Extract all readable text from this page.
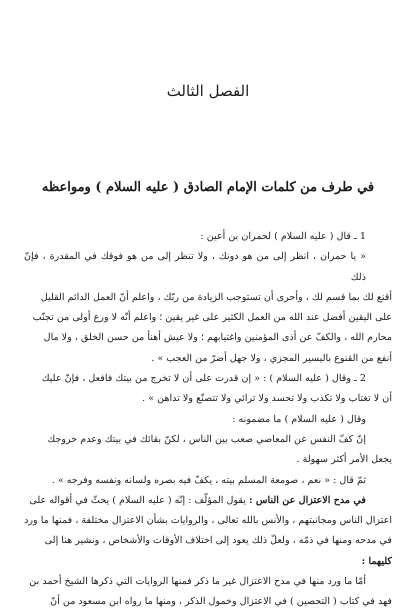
الفصل الثالث
في طرف من كلمات الإمام الصادق ( عليه السلام ) ومواعظه

1 ـ قال ( عليه السلام ) لحمران بن أعين :

« يا حمران ، انظر إلى من هو دونك ، ولا تنظر إلى من هو فوقك في المقدرة ، فإنّ ذلك

أقنع لك بما قسم لك ، وأحرى أن تستوجب الزيادة من ربّك ، واعلم أنّ العمل الدائم القليل

على اليقين أفضل عند الله من العمل الكثير على غير يقين ؛ واعلم أنّه لا ورع أولى من تجنّب

محارم الله ، والكفّ عن أذى المؤمنين واغتيابهم ؛ ولا عيش أهنأ من حسن الخلق ، ولا مال

أنفع من القنوع باليسير المجزي ، ولا جهل أضرّ من العجب » .

2 ـ وقال ( عليه السلام ) : « إن قدرت على أن لا تخرج من بيتك فافعل ، فإنّ عليك

أن لا تغتاب ولا تكذب ولا تحسد ولا ترائي ولا تتصنّع ولا تداهن » .

وقال ( عليه السلام ) ما مضمونه :

إنّ كفّ النفس عن المعاصي صعب بين الناس ، لكنّ بقائك في بيتك وعدم خروجك

يجعل الأمر أكثر سهولة .

ثمّ قال : « نعم ، صومعة المسلم بيته ، يكفّ فيه بصره ولسانه ونفسه وفرجه » .

في مدح الاعتزال عن الناس : يقول المؤلّف : إنّه ( عليه السلام ) يحثّ في أقواله على

اعتزال الناس ومجانبتهم ، والأنس بالله تعالى ، والروايات بشأن الاعتزال مختلفة ، فمنها ما ورد

في مدحه ومنها في ذمّه ، ولعلّ ذلك يعود إلى اختلاف الأوقات والأشخاص ، ونشير هنا إلى

كليهما :

أمّا ما ورد منها في مدح الاعتزال غير ما ذكر فمنها الروايات التي ذكرها الشيخ أحمد بن

فهد في كتاب ( التحصين ) في الاعتزال وخمول الذكر ، ومنها ما رواه ابن مسعود من أنّ
